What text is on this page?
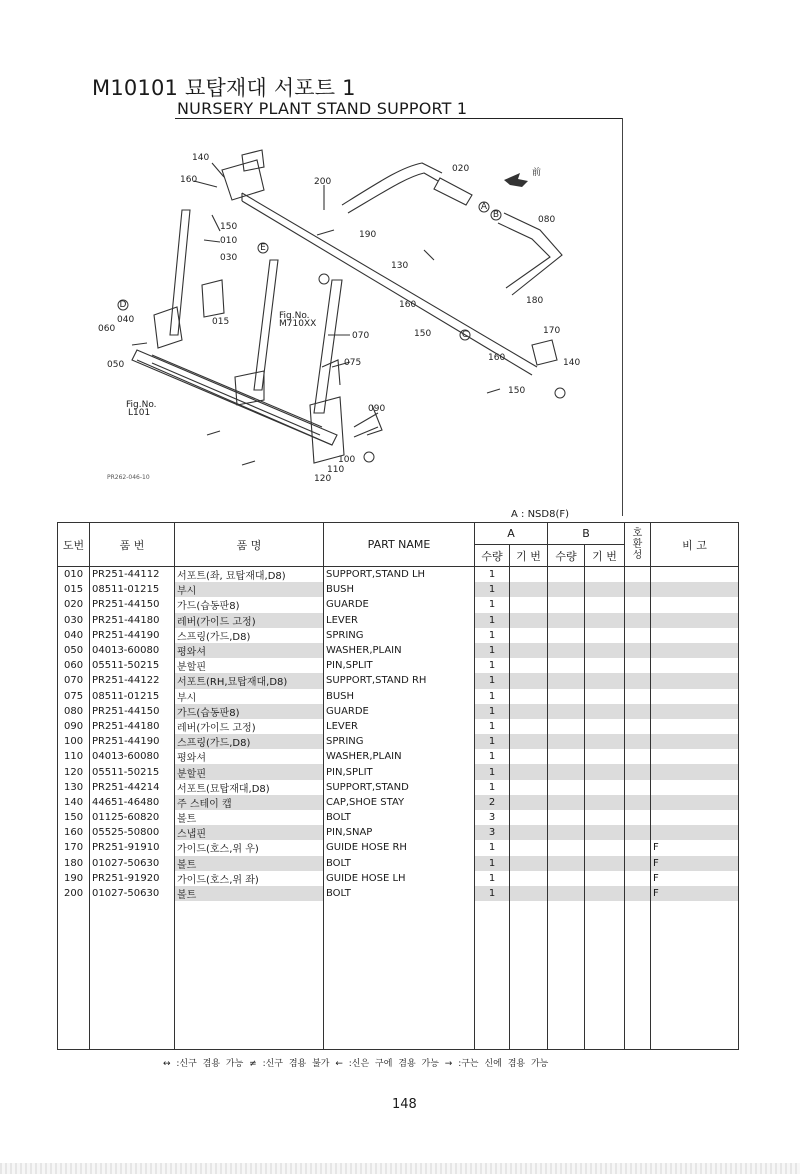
M10101 묘탑재대 서포트 1
NURSERY PLANT STAND SUPPORT 1
140
160
150
010
030
015
040
060
050
200
190
020
080
130
180
160
150	170
160	140
150
070
075
090
100
110
120
Fig.No.
M710XX
Fig.No.
L101
前
A
B
C
D
E
PR262-046-10
A : NSD8(F)
도번	품 번	품 명	PART NAME	A		B		호 환 성	비 고
				수량	기 번	수량	기 번		
010	PR251-44112	서포트(좌, 묘탑재대,D8)	SUPPORT,STAND LH	1					
015	08511-01215	부시	BUSH	1					
020	PR251-44150	가드(습동판8)	GUARDE	1					
030	PR251-44180	레버(가이드 고정)	LEVER	1					
040	PR251-44190	스프링(가드,D8)	SPRING	1					
050	04013-60080	평와셔	WASHER,PLAIN	1					
060	05511-50215	분할핀	PIN,SPLIT	1					
070	PR251-44122	서포트(RH,묘탑재대,D8)	SUPPORT,STAND RH	1					
075	08511-01215	부시	BUSH	1					
080	PR251-44150	가드(습동판8)	GUARDE	1					
090	PR251-44180	레버(가이드 고정)	LEVER	1					
100	PR251-44190	스프링(가드,D8)	SPRING	1					
110	04013-60080	평와셔	WASHER,PLAIN	1					
120	05511-50215	분할핀	PIN,SPLIT	1					
130	PR251-44214	서포트(묘탑재대,D8)	SUPPORT,STAND	1					
140	44651-46480	주 스테이 캡	CAP,SHOE STAY	2					
150	01125-60820	볼트	BOLT	3					
160	05525-50800	스냅핀	PIN,SNAP	3					
170	PR251-91910	가이드(호스,위 우)	GUIDE HOSE RH	1					F
180	01027-50630	볼트	BOLT	1					F
190	PR251-91920	가이드(호스,위 좌)	GUIDE HOSE LH	1					F
200	01027-50630	볼트	BOLT	1					F

↔ :신구 겸용 가능 ≠ :신구 겸용 불가 ← :신은 구에 겸용 가능 → :구는 신에 겸용 가능
148
